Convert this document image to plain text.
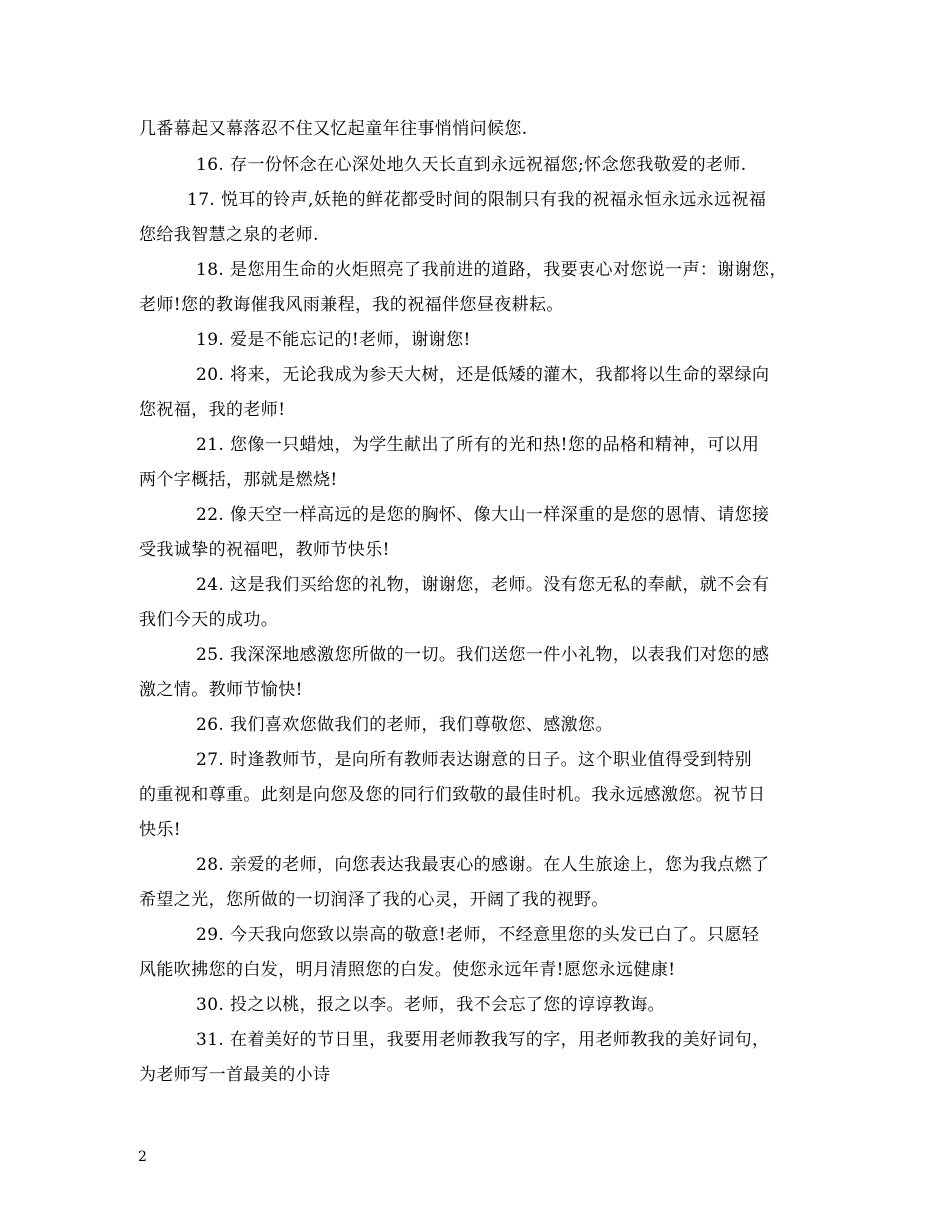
几番幕起又幕落忍不住又忆起童年往事悄悄问候您.
16. 存一份怀念在心深处地久天长直到永远祝福您;怀念您我敬爱的老师.
17. 悦耳的铃声,妖艳的鲜花都受时间的限制只有我的祝福永恒永远永远祝福
您给我智慧之泉的老师.
18. 是您用生命的火炬照亮了我前进的道路，我要衷心对您说一声：谢谢您，
老师!您的教诲催我风雨兼程，我的祝福伴您昼夜耕耘。
19. 爱是不能忘记的!老师，谢谢您!
20. 将来，无论我成为参天大树，还是低矮的灌木，我都将以生命的翠绿向
您祝福，我的老师!
21. 您像一只蜡烛，为学生献出了所有的光和热!您的品格和精神，可以用
两个字概括，那就是燃烧!
22. 像天空一样高远的是您的胸怀、像大山一样深重的是您的恩情、请您接
受我诚挚的祝福吧，教师节快乐!
24. 这是我们买给您的礼物，谢谢您，老师。没有您无私的奉献，就不会有
我们今天的成功。
25. 我深深地感激您所做的一切。我们送您一件小礼物，以表我们对您的感
激之情。教师节愉快!
26. 我们喜欢您做我们的老师，我们尊敬您、感激您。
27. 时逢教师节，是向所有教师表达谢意的日子。这个职业值得受到特别
的重视和尊重。此刻是向您及您的同行们致敬的最佳时机。我永远感激您。祝节日
快乐!
28. 亲爱的老师，向您表达我最衷心的感谢。在人生旅途上，您为我点燃了
希望之光，您所做的一切润泽了我的心灵，开阔了我的视野。
29. 今天我向您致以崇高的敬意!老师，不经意里您的头发已白了。只愿轻
风能吹拂您的白发，明月清照您的白发。使您永远年青!愿您永远健康!
30. 投之以桃，报之以李。老师，我不会忘了您的谆谆教诲。
31. 在着美好的节日里，我要用老师教我写的字，用老师教我的美好词句，
为老师写一首最美的小诗
2
